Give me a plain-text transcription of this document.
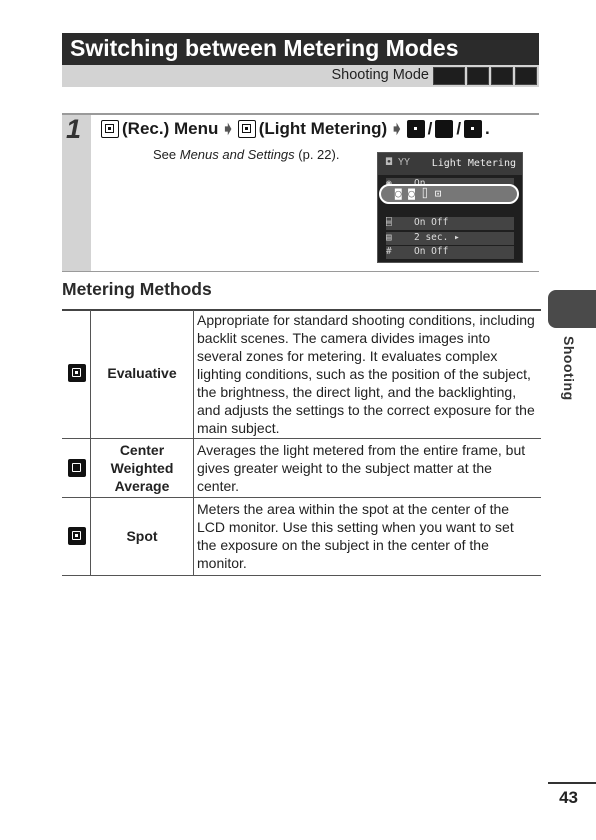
Switching between Metering Modes
Shooting Mode
1 (Rec.) Menu ➧ (Light Metering) ➧ / / .
See Menus and Settings (p. 22).
◘ ΥΥ Light Metering
◙ ◙ ⌷ ⊡
⌸ On Off
▤ 2 sec. ▸
# On Off
Metering Methods
Evaluative
Appropriate for standard shooting conditions, including backlit scenes. The camera divides images into several zones for metering. It evaluates complex lighting conditions, such as the position of the subject, the brightness, the direct light, and the backlighting, and adjusts the settings to the correct exposure for the main subject.
Center Weighted Average
Averages the light metered from the entire frame, but gives greater weight to the subject matter at the center.
Spot
Meters the area within the spot at the center of the LCD monitor. Use this setting when you want to set the exposure on the subject in the center of the monitor.
Shooting
43
